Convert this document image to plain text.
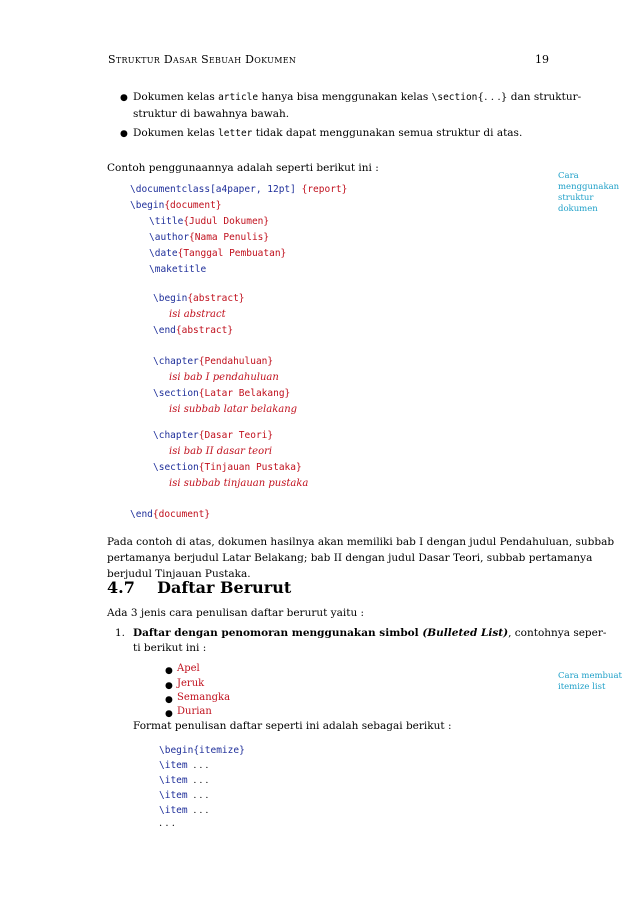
Struktur Dasar Sebuah Dokumen	19
● Dokumen kelas article hanya bisa menggunakan kelas \section{. . .} dan struktur-
struktur di bawahnya bawah.
● Dokumen kelas letter tidak dapat menggunakan semua struktur di atas.
Contoh penggunaannya adalah seperti berikut ini :
Cara menggunakan struktur dokumen
\documentclass[a4paper, 12pt] {report}
\begin{document}
\title{Judul Dokumen}
\author{Nama Penulis}
\date{Tanggal Pembuatan}
\maketitle
\begin{abstract}
isi abstract
\end{abstract}
\chapter{Pendahuluan}
isi bab I pendahuluan
\section{Latar Belakang}
isi subbab latar belakang
\chapter{Dasar Teori}
isi bab II dasar teori
\section{Tinjauan Pustaka}
isi subbab tinjauan pustaka
\end{document}
Pada contoh di atas, dokumen hasilnya akan memiliki bab I dengan judul Pendahuluan, subbab
pertamanya berjudul Latar Belakang; bab II dengan judul Dasar Teori, subbab pertamanya
berjudul Tinjauan Pustaka.
4.7 Daftar Berurut
Ada 3 jenis cara penulisan daftar berurut yaitu :
1. Daftar dengan penomoran menggunakan simbol (Bulleted List), contohnya seper-
ti berikut ini :
● Apel
● Jeruk
● Semangka
● Durian
Cara membuat itemize list
Format penulisan daftar seperti ini adalah sebagai berikut :
\begin{itemize}
\item . . .
\item . . .
\item . . .
\item . . .
. . .
